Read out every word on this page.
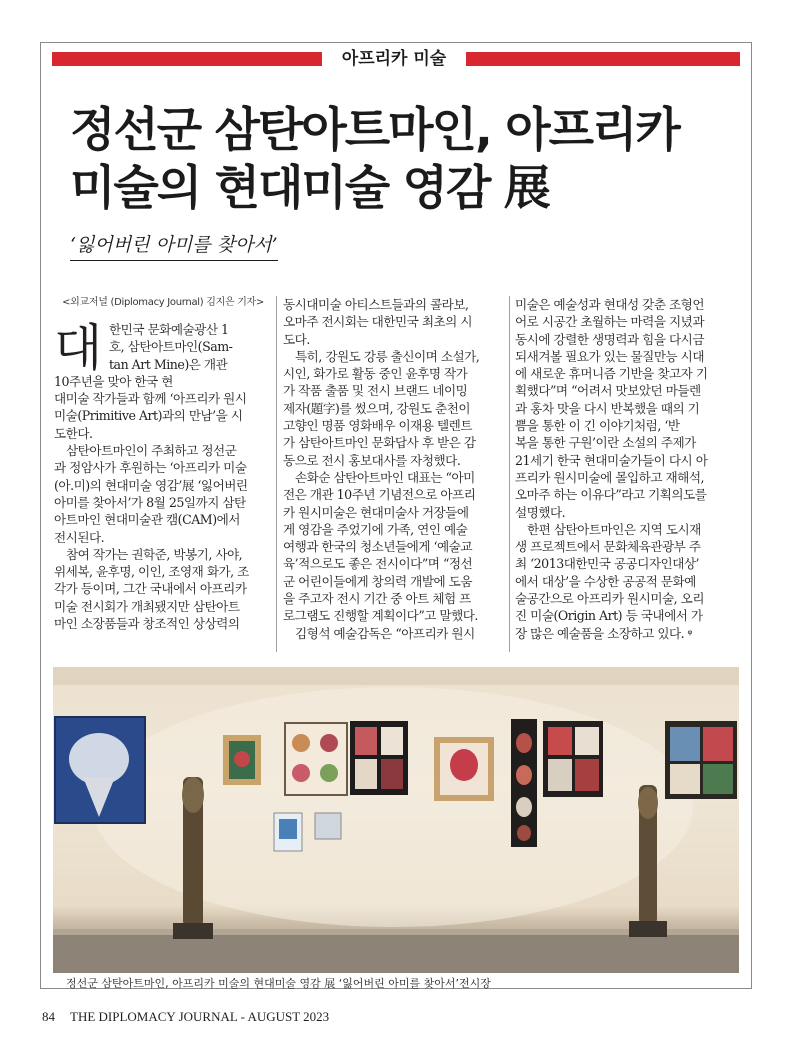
아프리카 미술
정선군 삼탄아트마인, 아프리카
미술의 현대미술 영감 展
‘잃어버린 아미를 찾아서’
<외교저널 (Diplomacy Journal) 김지은 기자>
대 한민국 문화예술광산 1
호, 삼탄아트마인(Sam-
tan Art Mine)은 개관
10주년을 맞아 한국 현
대미술 작가들과 함께 ‘아프리카 원시
미술(Primitive Art)과의 만남’을 시
도한다.
삼탄아트마인이 주최하고 정선군
과 정암사가 후원하는 ‘아프리카 미술
(아.미)의 현대미술 영감’展 ‘잃어버린
아미를 찾아서’가 8월 25일까지 삼탄
아트마인 현대미술관 캠(CAM)에서
전시된다.
참여 작가는 권학준, 박봉기, 사야,
위세복, 윤후명, 이인, 조영재 화가, 조
각가 등이며, 그간 국내에서 아프리카
미술 전시회가 개최됐지만 삼탄아트
마인 소장품들과 창조적인 상상력의
동시대미술 아티스트들과의 콜라보,
오마주 전시회는 대한민국 최초의 시
도다.
특히, 강원도 강릉 출신이며 소설가,
시인, 화가로 활동 중인 윤후명 작가
가 작품 출품 및 전시 브랜드 네이밍
제자(題字)를 썼으며, 강원도 춘천이
고향인 명품 영화배우 이재용 텔렌트
가 삼탄아트마인 문화답사 후 받은 감
동으로 전시 홍보대사를 자청했다.
손화순 삼탄아트마인 대표는 “아미
전은 개관 10주년 기념전으로 아프리
카 원시미술은 현대미술사 거장들에
게 영감을 주었기에 가족, 연인 예술
여행과 한국의 청소년들에게 ‘예술교
육’적으로도 좋은 전시이다”며 “정선
군 어린이들에게 창의력 개발에 도움
을 주고자 전시 기간 중 아트 체험 프
로그램도 진행할 계획이다”고 말했다.
김형석 예술감독은 “아프리카 원시
미술은 예술성과 현대성 갖춘 조형언
어로 시공간 초월하는 마력을 지녔과
동시에 강렬한 생명력과 힘을 다시금
되새겨볼 필요가 있는 물질만능 시대
에 새로운 휴머니즘 기반을 찾고자 기
획했다”며 “어려서 맛보았던 마들렌
과 홍차 맛을 다시 반복했을 때의 기
쁨을 통한 이 긴 이야기처럼, ‘반
복을 통한 구원’이란 소설의 주제가
21세기 한국 현대미술가들이 다시 아
프리카 원시미술에 몰입하고 재해석,
오마주 하는 이유다”라고 기획의도를
설명했다.
한편 삼탄아트마인은 지역 도시재
생 프로젝트에서 문화체육관광부 주
최 ‘2013대한민국 공공디자인대상’
에서 대상’을 수상한 공공적 문화예
술공간으로 아프리카 원시미술, 오리
진 미술(Origin Art) 등 국내에서 가
장 많은 예술품을 소장하고 있다. ᵠ
정선군 삼탄아트마인, 아프리카 미술의 현대미술 영감 展 ‘잃어버린 아미를 찾아서’전시장
84 THE DIPLOMACY JOURNAL - AUGUST 2023
